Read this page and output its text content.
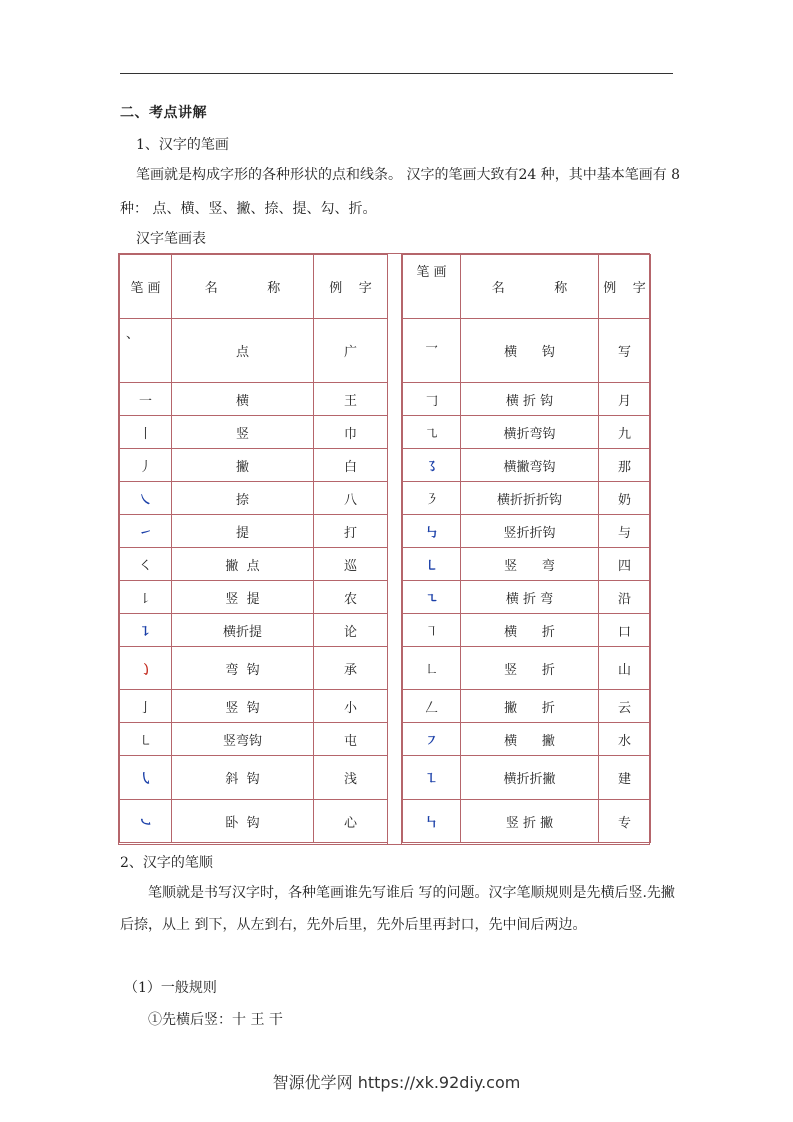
二、考点讲解
1、汉字的笔画
笔画就是构成字形的各种形状的点和线条。 汉字的笔画大致有24 种，其中基本笔画有 8
种： 点、横、竖、撇、捺、提、勾、折。
汉字笔画表
笔 画	名            称	例    字
、	点	广
一	横	王
丨	竖	巾
丿	撇	白
㇏	捺	八
㇀	提	打
㇛	撇  点	巡
㇙	竖  提	农
㇊	横折提	论
㇁	弯  钩	承
亅	竖  钩	小
㇄	竖弯钩	屯
㇂	斜  钩	浅
㇃	卧  钩	心
笔 画	名            称	例    字
乛	横      钩	写
𠃌	横 折 钩	月
㇈	横折弯钩	九
㇌	横撇弯钩	那
㇋	横折折折钩	奶
㇉	竖折折钩	与
㇄	竖      弯	四
㇍	横 折 弯	沿
㇕	横      折	口
㇗	竖      折	山
𠃋	撇      折	云
㇇	横      撇	水
㇅	横折折撇	建
㇞	竖 折 撇	专
2、汉字的笔顺
笔顺就是书写汉字时，各种笔画谁先写谁后 写的问题。汉字笔顺规则是先横后竖.先撇
后捺，从上 到下，从左到右，先外后里，先外后里再封口，先中间后两边。
（1）一般规则
①先横后竖：十 王 干
智源优学网 https://xk.92diy.com
